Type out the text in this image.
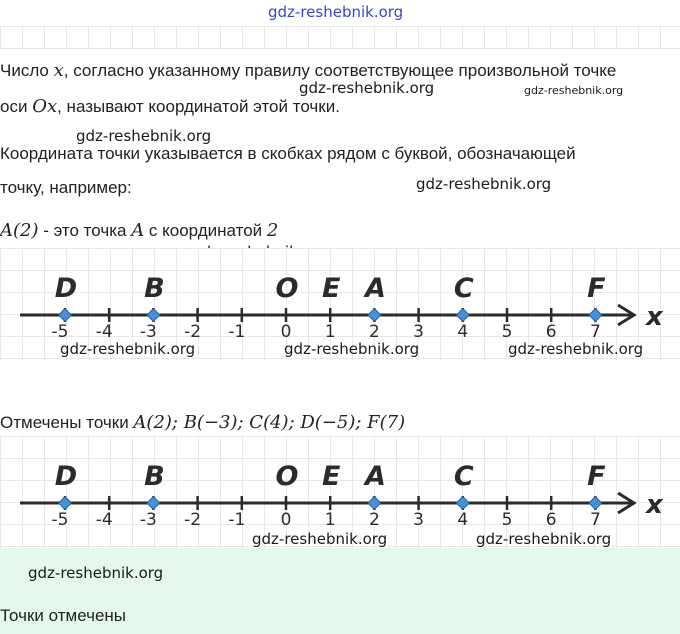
gdz-reshebnik.org
Число x, согласно указанному правилу соответствующее произвольной точке
оси Ox, называют координатой этой точки.
gdz-reshebnik.org	gdz-reshebnik.org
gdz-reshebnik.org
Координата точки указывается в скобках рядом с буквой, обозначающей
точку, например:	gdz-reshebnik.org
A(2) - это точка A с координатой 2
x
-5 -4 -3 -2 -1 0 1 2 3 4 5 6 7
D B	O E A	C	F
gdz-reshebnik.org	gdz-reshebnik.org	gdz-reshebnik.org
Отмечены точки A(2); B(−3); C(4); D(−5); F(7)
x
-5 -4 -3 -2 -1 0 1 2 3 4 5 6 7
D B	O E A	C	F
gdz-reshebnik.org	gdz-reshebnik.org
gdz-reshebnik.org
Точки отмечены
